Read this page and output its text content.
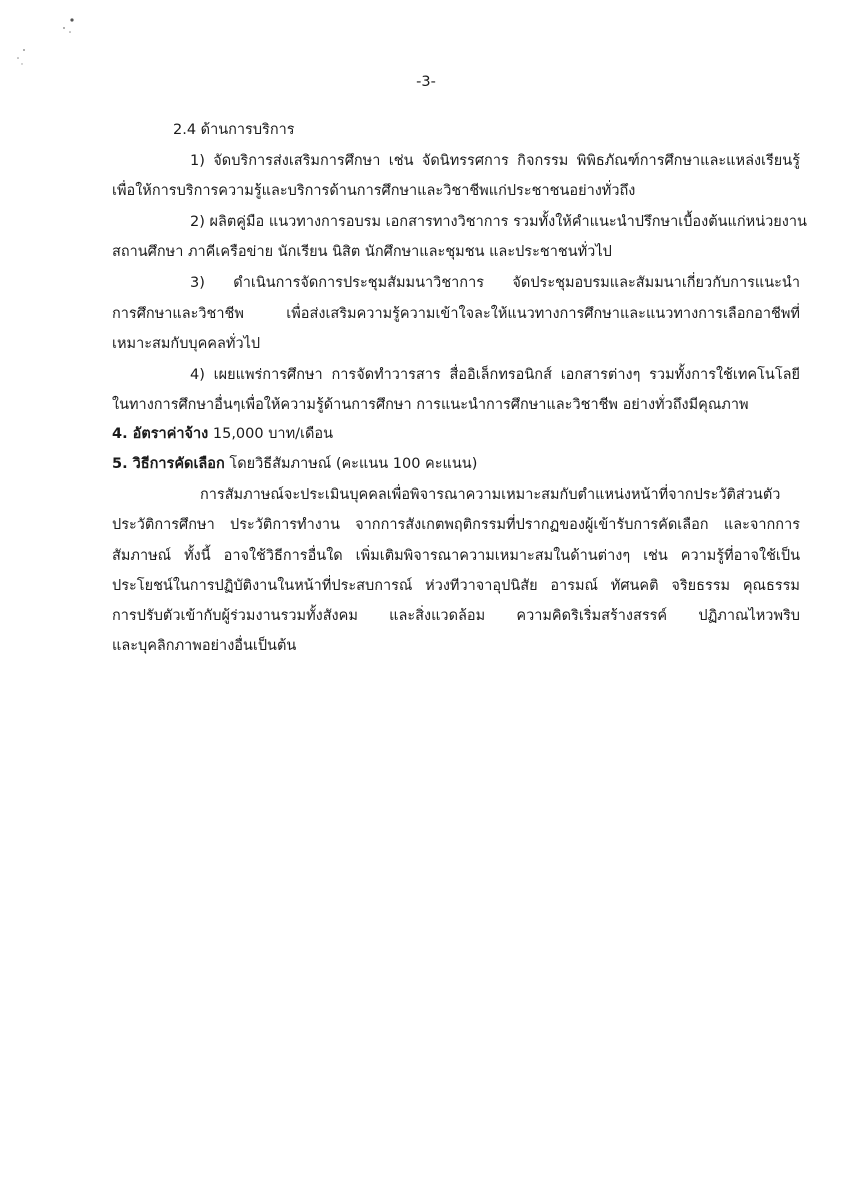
-3-
2.4 ด้านการบริการ
1) จัดบริการส่งเสริมการศึกษา เช่น จัดนิทรรศการ กิจกรรม พิพิธภัณฑ์การศึกษาและแหล่งเรียนรู้
เพื่อให้การบริการความรู้และบริการด้านการศึกษาและวิชาชีพแก่ประชาชนอย่างทั่วถึง
2) ผลิตคู่มือ แนวทางการอบรม เอกสารทางวิชาการ รวมทั้งให้คำแนะนำปรึกษาเบื้องต้นแก่หน่วยงาน
สถานศึกษา ภาคีเครือข่าย นักเรียน นิสิต นักศึกษาและชุมชน และประชาชนทั่วไป
3) ดำเนินการจัดการประชุมสัมมนาวิชาการ จัดประชุมอบรมและสัมมนาเกี่ยวกับการแนะนำ
การศึกษาและวิชาชีพ เพื่อส่งเสริมความรู้ความเข้าใจละให้แนวทางการศึกษาและแนวทางการเลือกอาชีพที่
เหมาะสมกับบุคคลทั่วไป
4) เผยแพร่การศึกษา การจัดทำวารสาร สื่ออิเล็กทรอนิกส์ เอกสารต่างๆ รวมทั้งการใช้เทคโนโลยี
ในทางการศึกษาอื่นๆเพื่อให้ความรู้ด้านการศึกษา การแนะนำการศึกษาและวิชาชีพ อย่างทั่วถึงมีคุณภาพ
4. อัตราค่าจ้าง 15,000 บาท/เดือน
5. วิธีการคัดเลือก โดยวิธีสัมภาษณ์ (คะแนน 100 คะแนน)
การสัมภาษณ์จะประเมินบุคคลเพื่อพิจารณาความเหมาะสมกับตำแหน่งหน้าที่จากประวัติส่วนตัว
ประวัติการศึกษา ประวัติการทำงาน จากการสังเกตพฤติกรรมที่ปรากฏของผู้เข้ารับการคัดเลือก และจากการ
สัมภาษณ์ ทั้งนี้ อาจใช้วิธีการอื่นใด เพิ่มเติมพิจารณาความเหมาะสมในด้านต่างๆ เช่น ความรู้ที่อาจใช้เป็น
ประโยชน์ในการปฏิบัติงานในหน้าที่ประสบการณ์ ห่วงทีวาจาอุปนิสัย อารมณ์ ทัศนคติ จริยธรรม คุณธรรม
การปรับตัวเข้ากับผู้ร่วมงานรวมทั้งสังคม และสิ่งแวดล้อม ความคิดริเริ่มสร้างสรรค์ ปฏิภาณไหวพริบ
และบุคลิกภาพอย่างอื่นเป็นต้น
